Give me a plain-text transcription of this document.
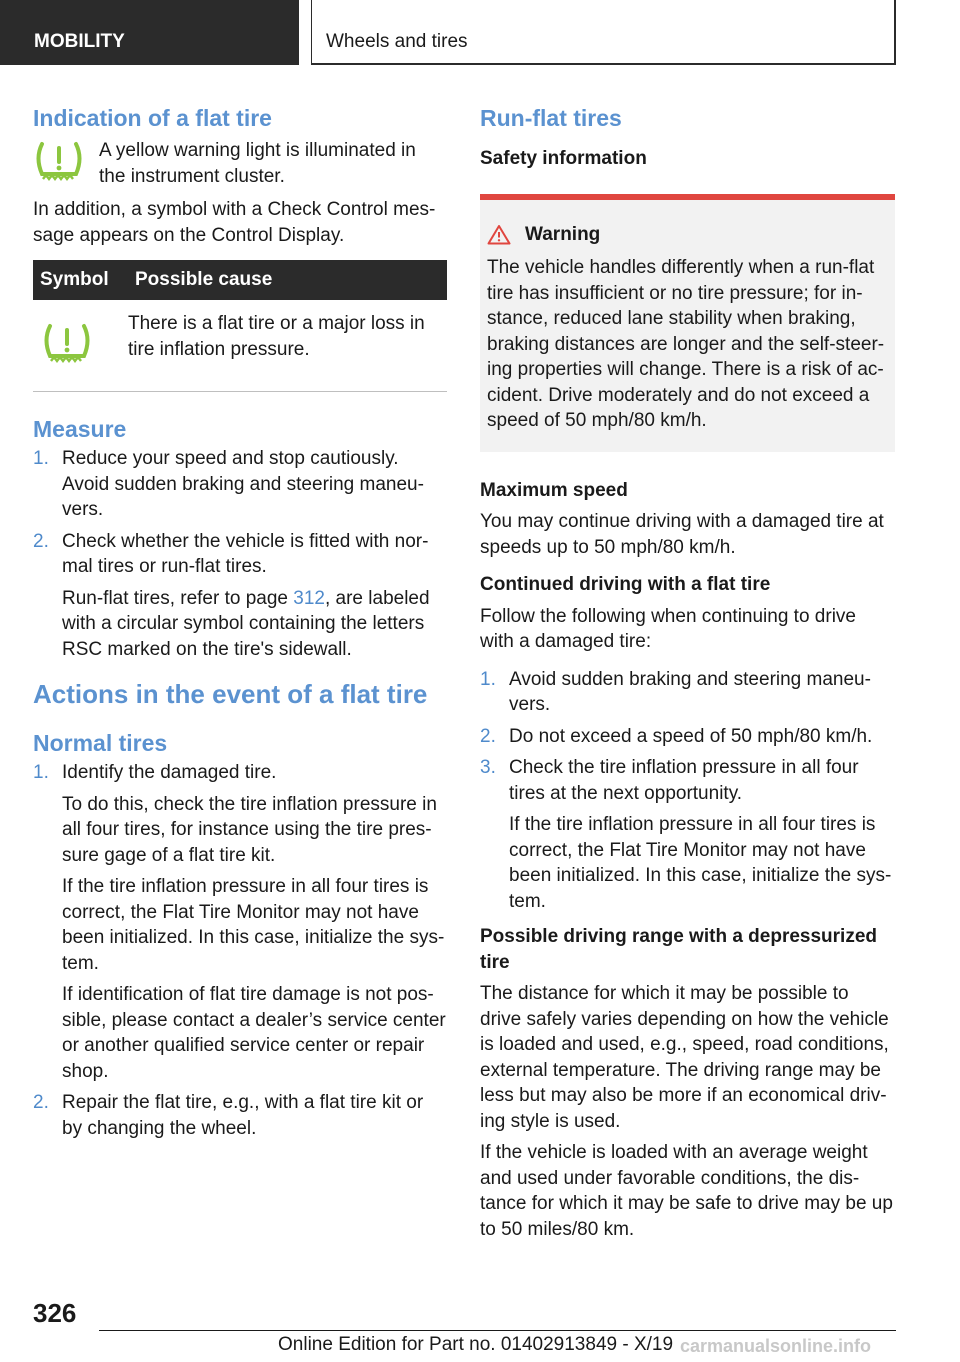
MOBILITY	Wheels and tires
Indication of a flat tire

A yellow warning light is illuminated in the instrument cluster.

In addition, a symbol with a Check Control mes-sage appears on the Control Display.

Symbol	Possible cause

There is a flat tire or a major loss in tire inflation pressure.

Measure
1. Reduce your speed and stop cautiously. Avoid sudden braking and steering maneu-vers.

2. Check whether the vehicle is fitted with nor-mal tires or run-flat tires.

Run-flat tires, refer to page 312, are labeled with a circular symbol containing the letters RSC marked on the tire's sidewall.

Actions in the event of a flat tire
Normal tires
1. Identify the damaged tire.

To do this, check the tire inflation pressure in all four tires, for instance using the tire pres-sure gage of a flat tire kit.

If the tire inflation pressure in all four tires is correct, the Flat Tire Monitor may not have been initialized. In this case, initialize the sys-tem.

If identification of flat tire damage is not pos-sible, please contact a dealer’s service center or another qualified service center or repair shop.

2. Repair the flat tire, e.g., with a flat tire kit or by changing the wheel.

Run-flat tires
Safety information
Warning

The vehicle handles differently when a run-flat tire has insufficient or no tire pressure; for in-stance, reduced lane stability when braking, braking distances are longer and the self-steer-ing properties will change. There is a risk of ac-cident. Drive moderately and do not exceed a speed of 50 mph/80 km/h.

Maximum speed

You may continue driving with a damaged tire at speeds up to 50 mph/80 km/h.

Continued driving with a flat tire

Follow the following when continuing to drive with a damaged tire:

1. Avoid sudden braking and steering maneu-vers.

2. Do not exceed a speed of 50 mph/80 km/h.

3. Check the tire inflation pressure in all four tires at the next opportunity.

If the tire inflation pressure in all four tires is correct, the Flat Tire Monitor may not have been initialized. In this case, initialize the sys-tem.

Possible driving range with a depressurized tire

The distance for which it may be possible to drive safely varies depending on how the vehicle is loaded and used, e.g., speed, road conditions, external temperature. The driving range may be less but may also be more if an economical driv-ing style is used.

If the vehicle is loaded with an average weight and used under favorable conditions, the dis-tance for which it may be safe to drive may be up to 50 miles/80 km.

326
Online Edition for Part no. 01402913849 - X/19 carmanualsonline.info
